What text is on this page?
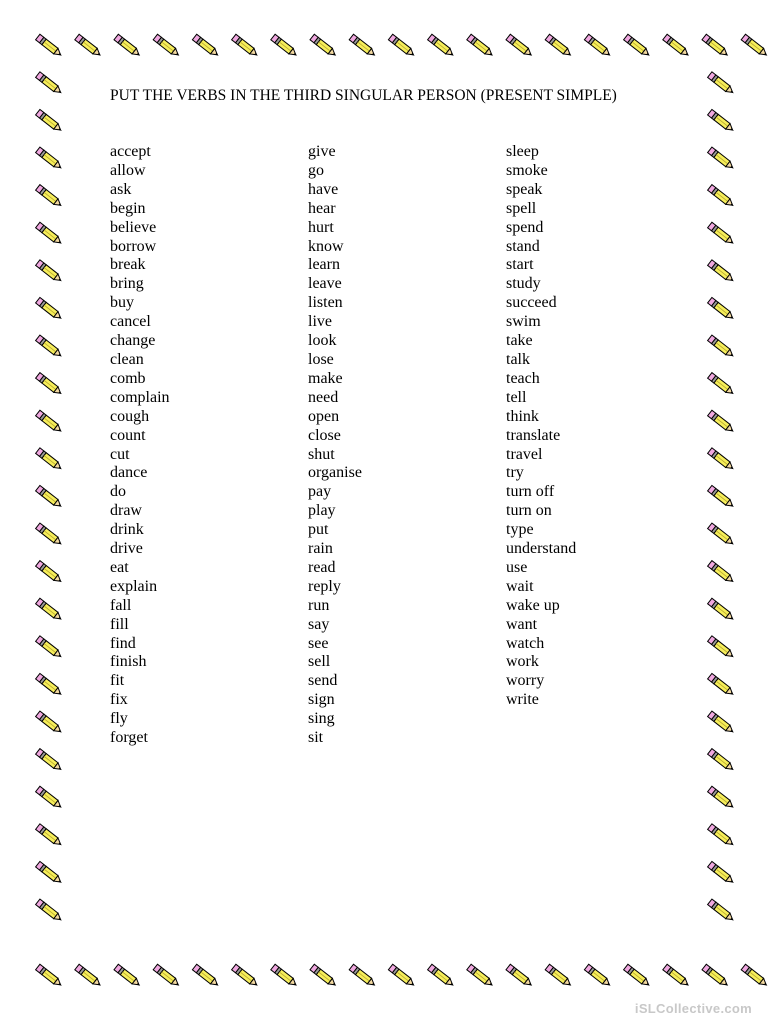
PUT THE VERBS IN THE THIRD SINGULAR PERSON (PRESENT SIMPLE)
accept
allow
ask
begin
believe
borrow
break
bring
buy
cancel
change
clean
comb
complain
cough
count
cut
dance
do
draw
drink
drive
eat
explain
fall
fill
find
finish
fit
fix
fly
forget
give
go
have
hear
hurt
know
learn
leave
listen
live
look
lose
make
need
open
close
shut
organise
pay
play
put
rain
read
reply
run
say
see
sell
send
sign
sing
sit
sleep
smoke
speak
spell
spend
stand
start
study
succeed
swim
take
talk
teach
tell
think
translate
travel
try
turn off
turn on
type
understand
use
wait
wake up
want
watch
work
worry
write
iSLCollective.com
